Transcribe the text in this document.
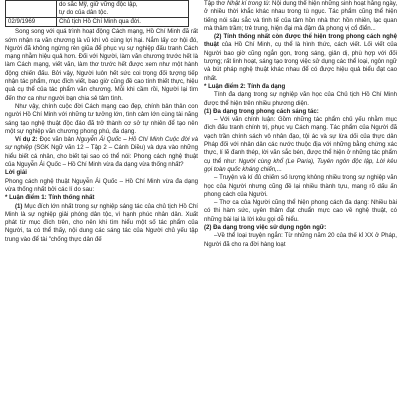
	do sắc Mỹ, giữ vững độc lập,
tự do của dân tộc.

02/9/1969	Chủ tịch Hồ Chí Minh qua đời.

Song song với quá trình hoạt động Cách mạng, Hồ Chí Minh đã rất sớm nhận ra văn chương là vũ khí vô cùng lợi hại. Nắm lấy cơ hội đó, Người đã không ngừng rèn giũa để phục vụ sự nghiệp đấu tranh Cách mạng nhằm hiệu quả hơn. Đối với Người, làm văn chương trước hết là làm Cách mạng, viết văn, làm thơ trước hết được xem như một hành động chiến đấu. Bởi vậy, Người luôn hết sức coi trọng đối tượng tiếp nhận tác phẩm, mục đích viết, bao giờ cũng đề cao tính thiết thực, hiệu quả cụ thể của tác phẩm văn chương. Mỗi khi cầm rồi, Người lại tìm đến thơ ca như người bạn chia sẻ tâm tình.

Như vậy, chính cuộc đời Cách mạng cao đẹp, chính bản thân con người Hồ Chí Minh với những tư tưởng lớn, tình cảm lớn cùng tài năng sáng tạo nghệ thuật độc đáo đã trở thành cơ sở tự nhiên để tạo nên một sự nghiệp văn chương phong phú, đa dạng.

Ví dụ 2: Đọc văn bản Nguyễn Ái Quốc – Hồ Chí Minh Cuộc đời và sự nghiệp (SGK Ngữ văn 12 – Tập 2 – Cánh Diều) và dựa vào những hiểu biết cá nhân, cho biết tại sao có thể nói: Phong cách nghệ thuật của Nguyễn Ái Quốc – Hồ Chí Minh vừa đa dạng vừa thống nhất?

Lời giải

Phong cách nghệ thuật Nguyễn Ái Quốc – Hồ Chí Minh vừa đa dạng vừa thống nhất bởi các lí do sau:

* Luận điểm 1: Tính thống nhất

(1) Mục đích lớn nhất trong sự nghiệp sáng tác của chủ tịch Hồ Chí Minh là sự nghiệp giải phóng dân tộc, vì hạnh phúc nhân dân. Xuất phát từ mục đích trên, cho nên khi tìm hiểu một số tác phẩm của Người, ta có thể thấy, nội dung các sáng tác của Người chủ yếu tập trung vào để tài "chống thực dân đế

Tập thơ Nhật kí trong tù: Nội dung thể hiện những sinh hoạt hằng ngày, ở nhiều thời khắc khác nhau trong tù ngục. Tác phẩm cũng thể hiện tiếng nói sâu sắc và tình tế của tâm hồn nhà thơ: hồn nhiên, lạc quan mà thâm trầm; trẻ trung, hiện đại mà đậm đà phong vị cổ điển...

(2) Tính thống nhất còn được thể hiện trong phong cách nghệ thuật của Hồ Chí Minh, cụ thể là hình thức, cách viết. Lối viết của Người bao giờ cũng ngắn gọn, trong sáng, giản dị, phù hợp với đối tượng; rất linh hoạt, sáng tạo trong việc sử dụng các thể loại, ngôn ngữ và bút pháp nghệ thuật khác nhau để có được hiệu quả biểu đạt cao nhất.

* Luận điểm 2: Tính đa dạng

Tính đa dạng trong sự nghiệp văn học của Chủ tịch Hồ Chí Minh được thể hiện trên nhiều phương diện.

(1) Đa dạng trong phong cách sáng tác:

– Với văn chính luận: Gồm những tác phẩm chủ yếu nhằm mục đích đấu tranh chính trị, phục vụ Cách mạng. Tác phẩm của Người đã vạch trần chính sách vô nhân đạo, tội ác và sự lừa dối của thực dân Pháp đối với nhân dân các nước thuộc địa với những bằng chứng xác thực, lí lẽ đanh thép, lời văn sắc bén, được thể hiện ở những tác phẩm cụ thể như: Người cùng khổ (Le Paria), Tuyên ngôn độc lập, Lời kêu gọi toàn quốc kháng chiến,...

– Truyện và kí đủ chiếm số lượng không nhiều trong sự nghiệp văn học của Người nhưng cũng đề lại nhiều thành tựu, mang rõ dấu ấn phong cách của Người.

– Thơ ca của Người cũng thể hiện phong cách đa dạng: Nhiều bài có thi hàm sức, uyên thâm đạt chuẩn mực cao về nghệ thuật, có những bài lại là lời kêu gọi dễ hiểu.

(2) Đa dạng trong việc sử dụng ngôn ngữ:

–Về thể loại truyện ngắn: Từ những năm 20 của thế kỉ XX ở Pháp, Người đã cho ra đời hàng loạt
